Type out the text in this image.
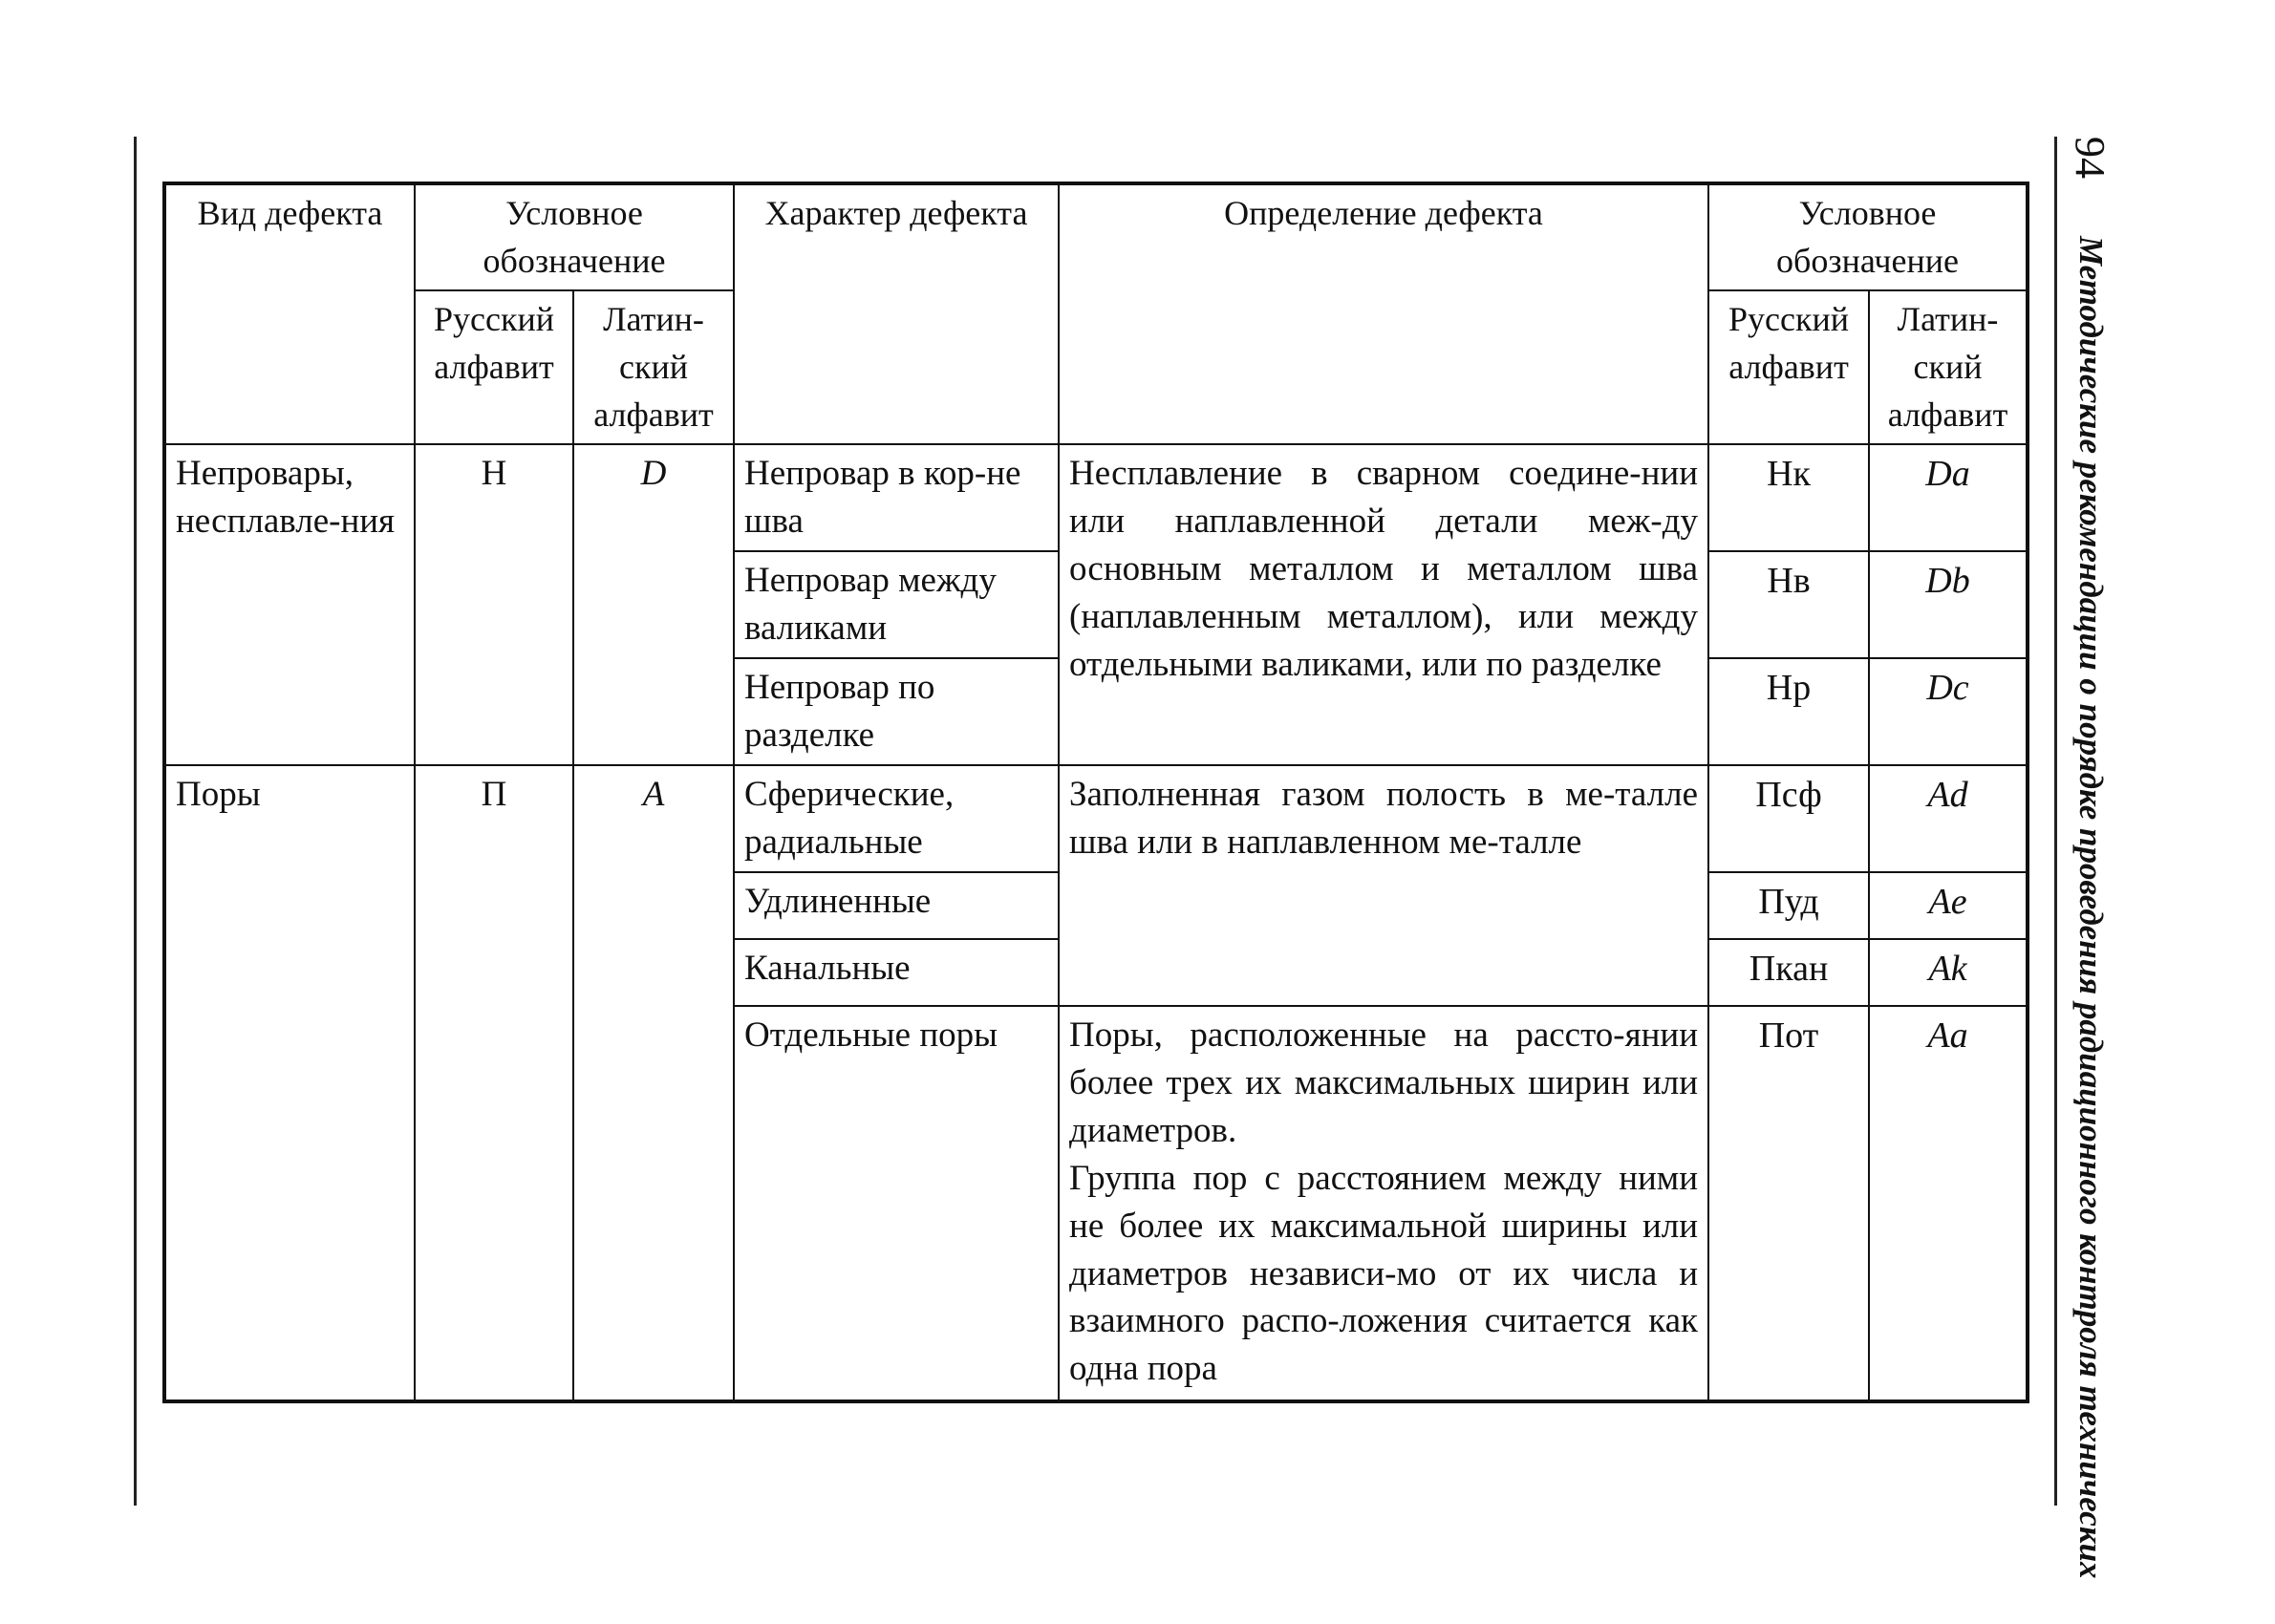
94
Методические рекомендации о порядке проведения радиационного контроля технических
Вид дефекта	Условное обозначение		Характер дефекта	Определение дефекта	Условное обозначение	
	Русский алфавит	Латин-ский алфавит			Русский алфавит	Латин-ский алфавит
Непровары, несплавле-ния	Н	D	Непровар в кор-не шва	Несплавление в сварном соедине-нии или наплавленной детали меж-ду основным металлом и металлом шва (наплавленным металлом), или между отдельными валиками, или по разделке	Нк	Da
			Непровар между валиками		Нв	Db
			Непровар по разделке		Нр	Dc
Поры	П	A	Сферические, радиальные	Заполненная газом полость в ме-талле шва или в наплавленном ме-талле	Псф	Ad
			Удлиненные		Пуд	Ae
			Канальные		Пкан	Ak
			Отдельные поры	Поры, расположенные на рассто-янии более трех их максимальных ширин или диаметров.
Группа пор с расстоянием между ними не более их максимальной ширины или диаметров независи-мо от их числа и взаимного распо-ложения считается как одна пора	Пот	Aa
